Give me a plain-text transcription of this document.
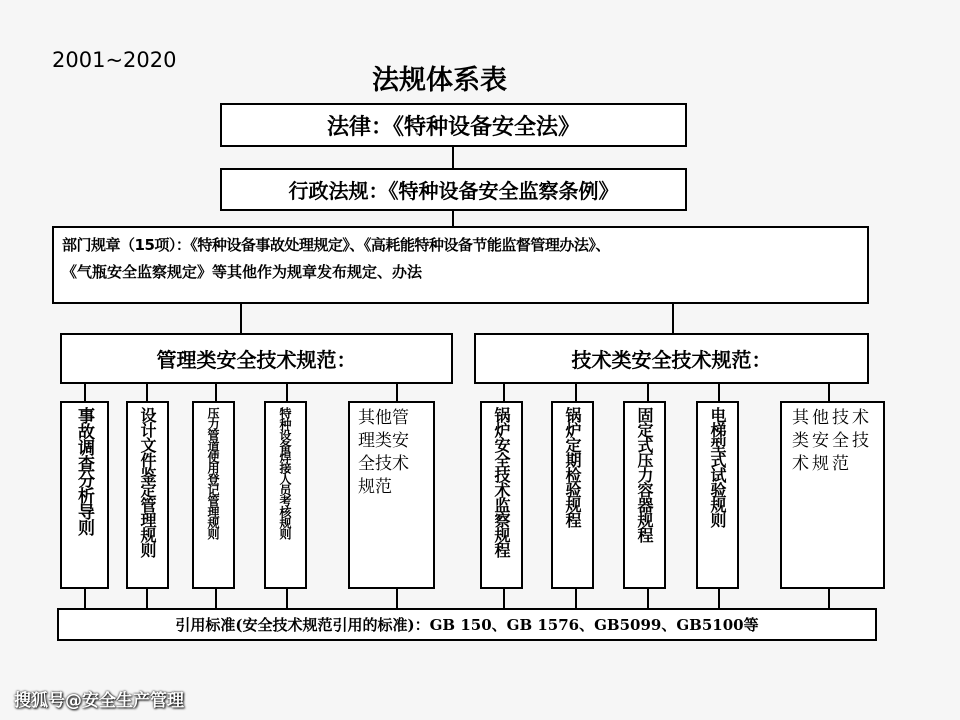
2001~2020
法规体系表
法律：《特种设备安全法》
行政法规：《特种设备安全监察条例》
部门规章（15项）：《特种设备事故处理规定》、《高耗能特种设备节能监督管理办法》、
《气瓶安全监察规定》等其他作为规章发布规定、办法
管理类安全技术规范：	技术类安全技术规范：
事故调查分析导则	设计文件鉴定管理规则	压力管道使用登记管理规则	特种设备焊接人员考核规则	其他管理类安全技术规范	锅炉安全技术监察规程	锅炉定期检验规程	固定式压力容器规程	电梯型式试验规则	其他技术类安全技术规范
引用标准(安全技术规范引用的标准)：GB 150、GB 1576、GB5099、GB5100等
搜狐号@安全生产管理
